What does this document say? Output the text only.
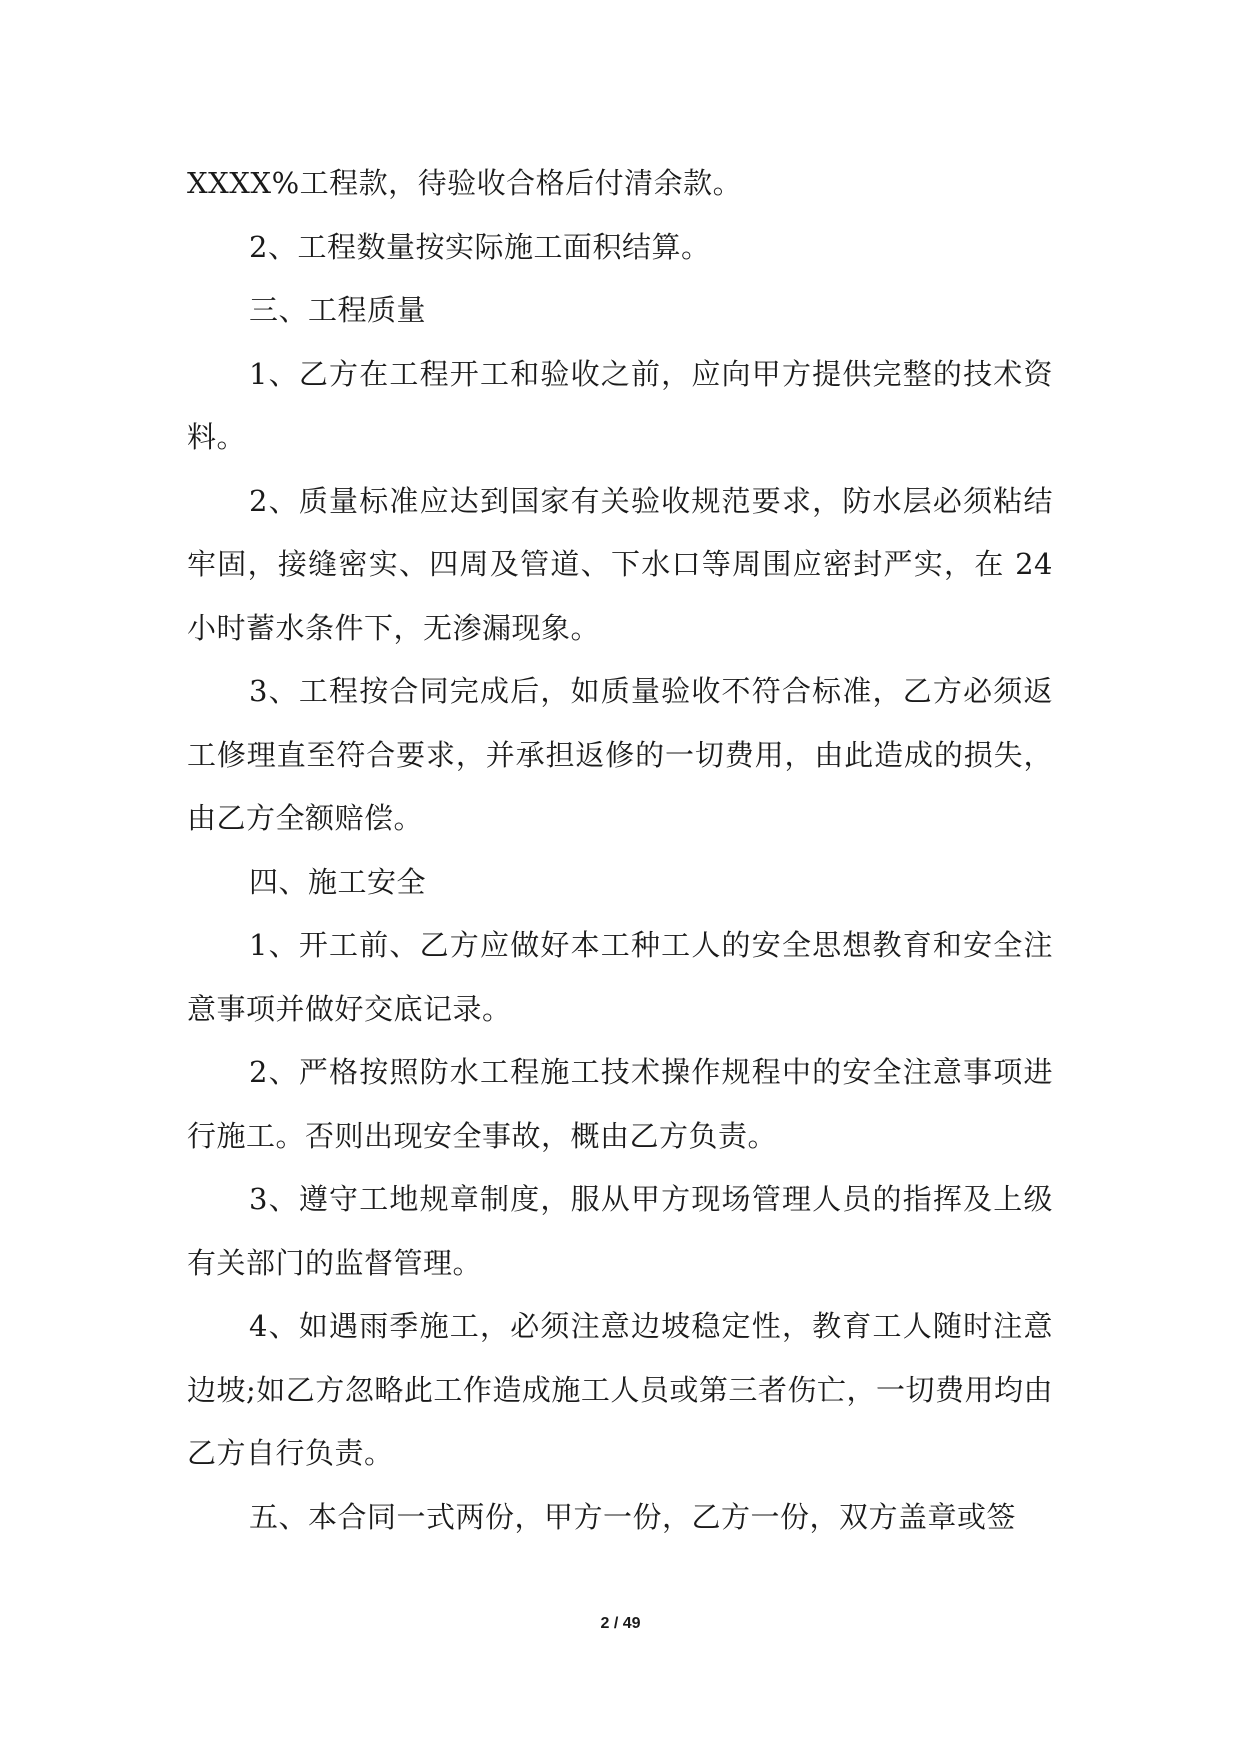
XXXX%工程款，待验收合格后付清余款。

2、工程数量按实际施工面积结算。

三、工程质量

1、乙方在工程开工和验收之前，应向甲方提供完整的技术资料。

2、质量标准应达到国家有关验收规范要求，防水层必须粘结牢固，接缝密实、四周及管道、下水口等周围应密封严实，在 24 小时蓄水条件下，无渗漏现象。

3、工程按合同完成后，如质量验收不符合标准，乙方必须返工修理直至符合要求，并承担返修的一切费用，由此造成的损失，由乙方全额赔偿。

四、施工安全

1、开工前、乙方应做好本工种工人的安全思想教育和安全注意事项并做好交底记录。

2、严格按照防水工程施工技术操作规程中的安全注意事项进行施工。否则出现安全事故，概由乙方负责。

3、遵守工地规章制度，服从甲方现场管理人员的指挥及上级有关部门的监督管理。

4、如遇雨季施工，必须注意边坡稳定性，教育工人随时注意边坡;如乙方忽略此工作造成施工人员或第三者伤亡，一切费用均由乙方自行负责。

五、本合同一式两份，甲方一份，乙方一份，双方盖章或签

2 / 49
